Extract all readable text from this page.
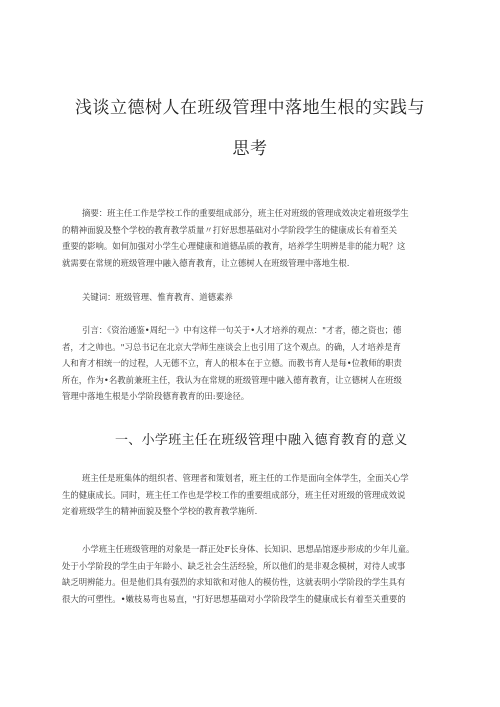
浅谈立德树人在班级管理中落地生根的实践与
思考
摘要：班主任工作是学校工作的重要组成部分，班主任对班级的管理成效决定着班级学生
的精神面貌及整个学校的教育教学质量〃打好思想基础对小学阶段学生的健康成长有着至关
重要的影响。如何加强对小学生心理健康和道德品质的教育，培养学生明辨是非的能力呢？这
就需要在常规的班级管理中融入德育教育，让立德树人在班级管理中落地生根.
关键词：班级管理、惟育教育、道德素养
引言：《资治通鉴•周纪一》中有这样一句关于•人才培养的观点："才者，德之资也；德
者，才之帅也。"习总书记在北京大学师生座谈会上也引用了这个观点。的确，人才培养是育
人和育才相统一的过程，人无德不立，育人的根本在于立德。而教书育人是每•位教师的职责
所在，作为•名教前兼班主任，我认为在常规的班级管理中融入德育教育，让立德树人在班级
管理中落地生根是小学阶段德育教育的田:要途径。
一、小学班主任在班级管理中融入德育教育的意义
班主任是班集体的组织者、管理者和策划者，班主任的工作是面向全体学生，全面关心学
生的健康成长。同时，班主任工作也是学校工作的重要组成部分，班主任对班级的管理成效说
定着班级学生的精神面貌及整个学校的教育教学施所.
小学班主任班级管理的对象是一群正处F长身体、长知识、思想品馆逐步形成的少年儿童。
处于小学阶段的学生由于年龄小、缺乏社会生活经验，所以他们的是非观念模树，对待人或事
缺乏明辨能力。但是他们具有强烈的求知欲和对他人的模仿性，这就表明小学阶段的学生具有
很大的可塑性。•嫩枝易弯也易直，"打好思想基础对小学阶段学生的健康成长有着至关重要的
